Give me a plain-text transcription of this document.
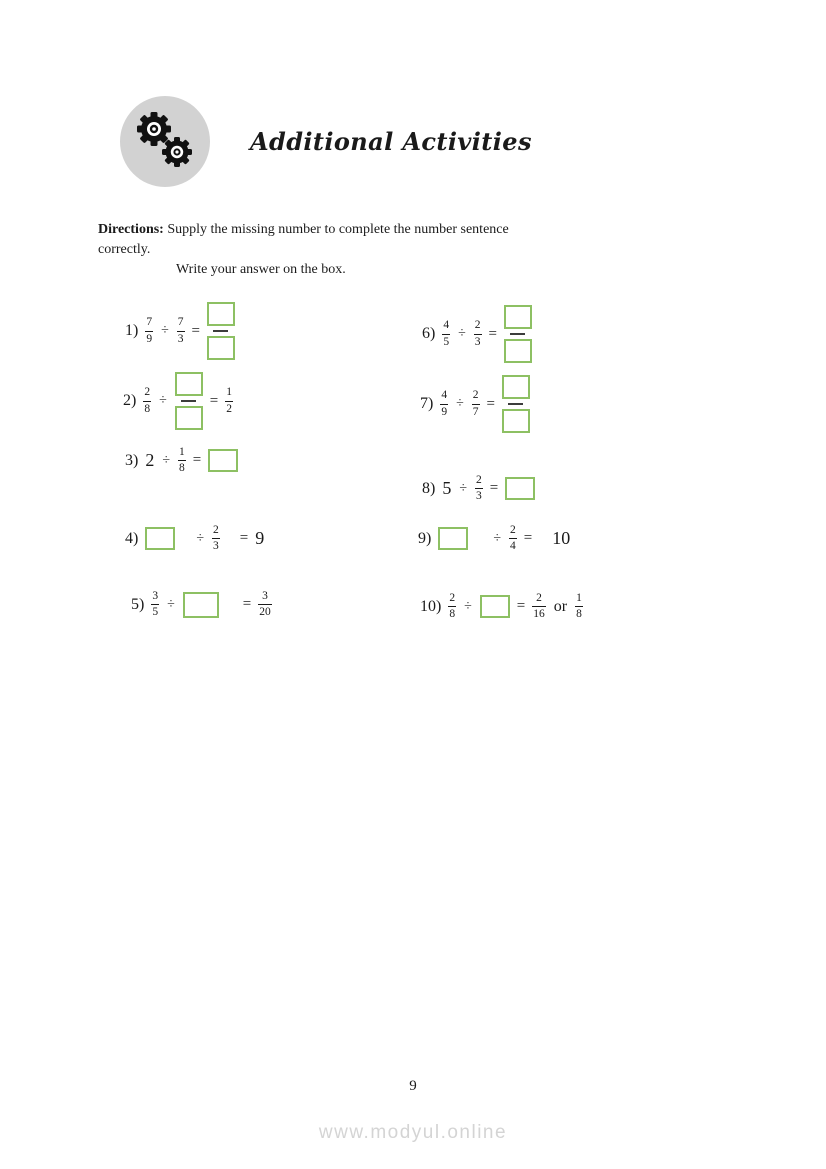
Additional Activities
Directions: Supply the missing number to complete the number sentence
correctly.
Write your answer on the box.
$1) \frac{7}{9} \div \frac{7}{3}$ =
$2) \frac{2}{8}$ ÷	= $\frac{1}{2}$
3) $2 \div \frac{1}{8}$ =
4)	÷ $\frac{2}{3} = 9$
$5) \frac{3}{5}$ ÷	= $\frac{3}{20}$
$6) \frac{4}{5} \div \frac{2}{3}$ =
$7) \frac{4}{9} \div \frac{2}{7}$ =
8) $5 \div \frac{2}{3}$ =
9)	÷ $\frac{2}{4} = 10$
$10) \frac{2}{8}$ ÷	= $\frac{2}{16}$ or $\frac{1}{8}$
9
www.modyul.online
